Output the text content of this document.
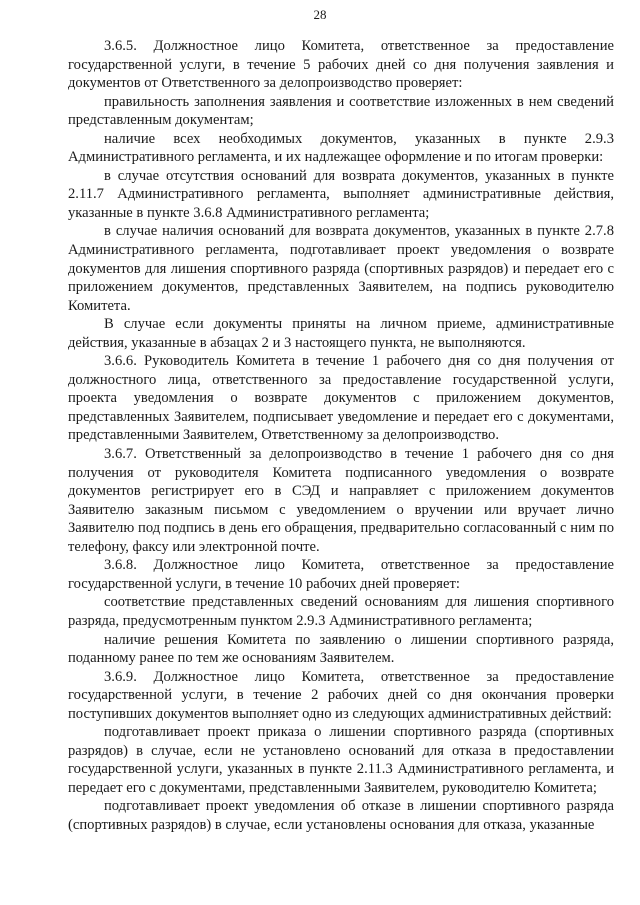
28

3.6.5. Должностное лицо Комитета, ответственное за предоставление государственной услуги, в течение 5 рабочих дней со дня получения заявления и документов от Ответственного за делопроизводство проверяет:

правильность заполнения заявления и соответствие изложенных в нем сведений представленным документам;

наличие всех необходимых документов, указанных в пункте 2.9.3 Административного регламента, и их надлежащее оформление и по итогам проверки:

в случае отсутствия оснований для возврата документов, указанных в пункте 2.11.7 Административного регламента, выполняет административные действия, указанные в пункте 3.6.8 Административного регламента;

в случае наличия оснований для возврата документов, указанных в пункте 2.7.8 Административного регламента, подготавливает проект уведомления о возврате документов для лишения спортивного разряда (спортивных разрядов) и передает его с приложением документов, представленных Заявителем, на подпись руководителю Комитета.

В случае если документы приняты на личном приеме, административные действия, указанные в абзацах 2 и 3 настоящего пункта, не выполняются.

3.6.6. Руководитель Комитета в течение 1 рабочего дня со дня получения от должностного лица, ответственного за предоставление государственной услуги, проекта уведомления о возврате документов с приложением документов, представленных Заявителем, подписывает уведомление и передает его с документами, представленными Заявителем, Ответственному за делопроизводство.

3.6.7. Ответственный за делопроизводство в течение 1 рабочего дня со дня получения от руководителя Комитета подписанного уведомления о возврате документов регистрирует его в СЭД и направляет с приложением документов Заявителю заказным письмом с уведомлением о вручении или вручает лично Заявителю под подпись в день его обращения, предварительно согласованный с ним по телефону, факсу или электронной почте.

3.6.8. Должностное лицо Комитета, ответственное за предоставление государственной услуги, в течение 10 рабочих дней проверяет:

соответствие представленных сведений основаниям для лишения спортивного разряда, предусмотренным пунктом 2.9.3 Административного регламента;

наличие решения Комитета по заявлению о лишении спортивного разряда, поданному ранее по тем же основаниям Заявителем.

3.6.9. Должностное лицо Комитета, ответственное за предоставление государственной услуги, в течение 2 рабочих дней со дня окончания проверки поступивших документов выполняет одно из следующих административных действий:

подготавливает проект приказа о лишении спортивного разряда (спортивных разрядов) в случае, если не установлено оснований для отказа в предоставлении государственной услуги, указанных в пункте 2.11.3 Административного регламента, и передает его с документами, представленными Заявителем, руководителю Комитета;

подготавливает проект уведомления об отказе в лишении спортивного разряда (спортивных разрядов) в случае, если установлены основания для отказа, указанные
